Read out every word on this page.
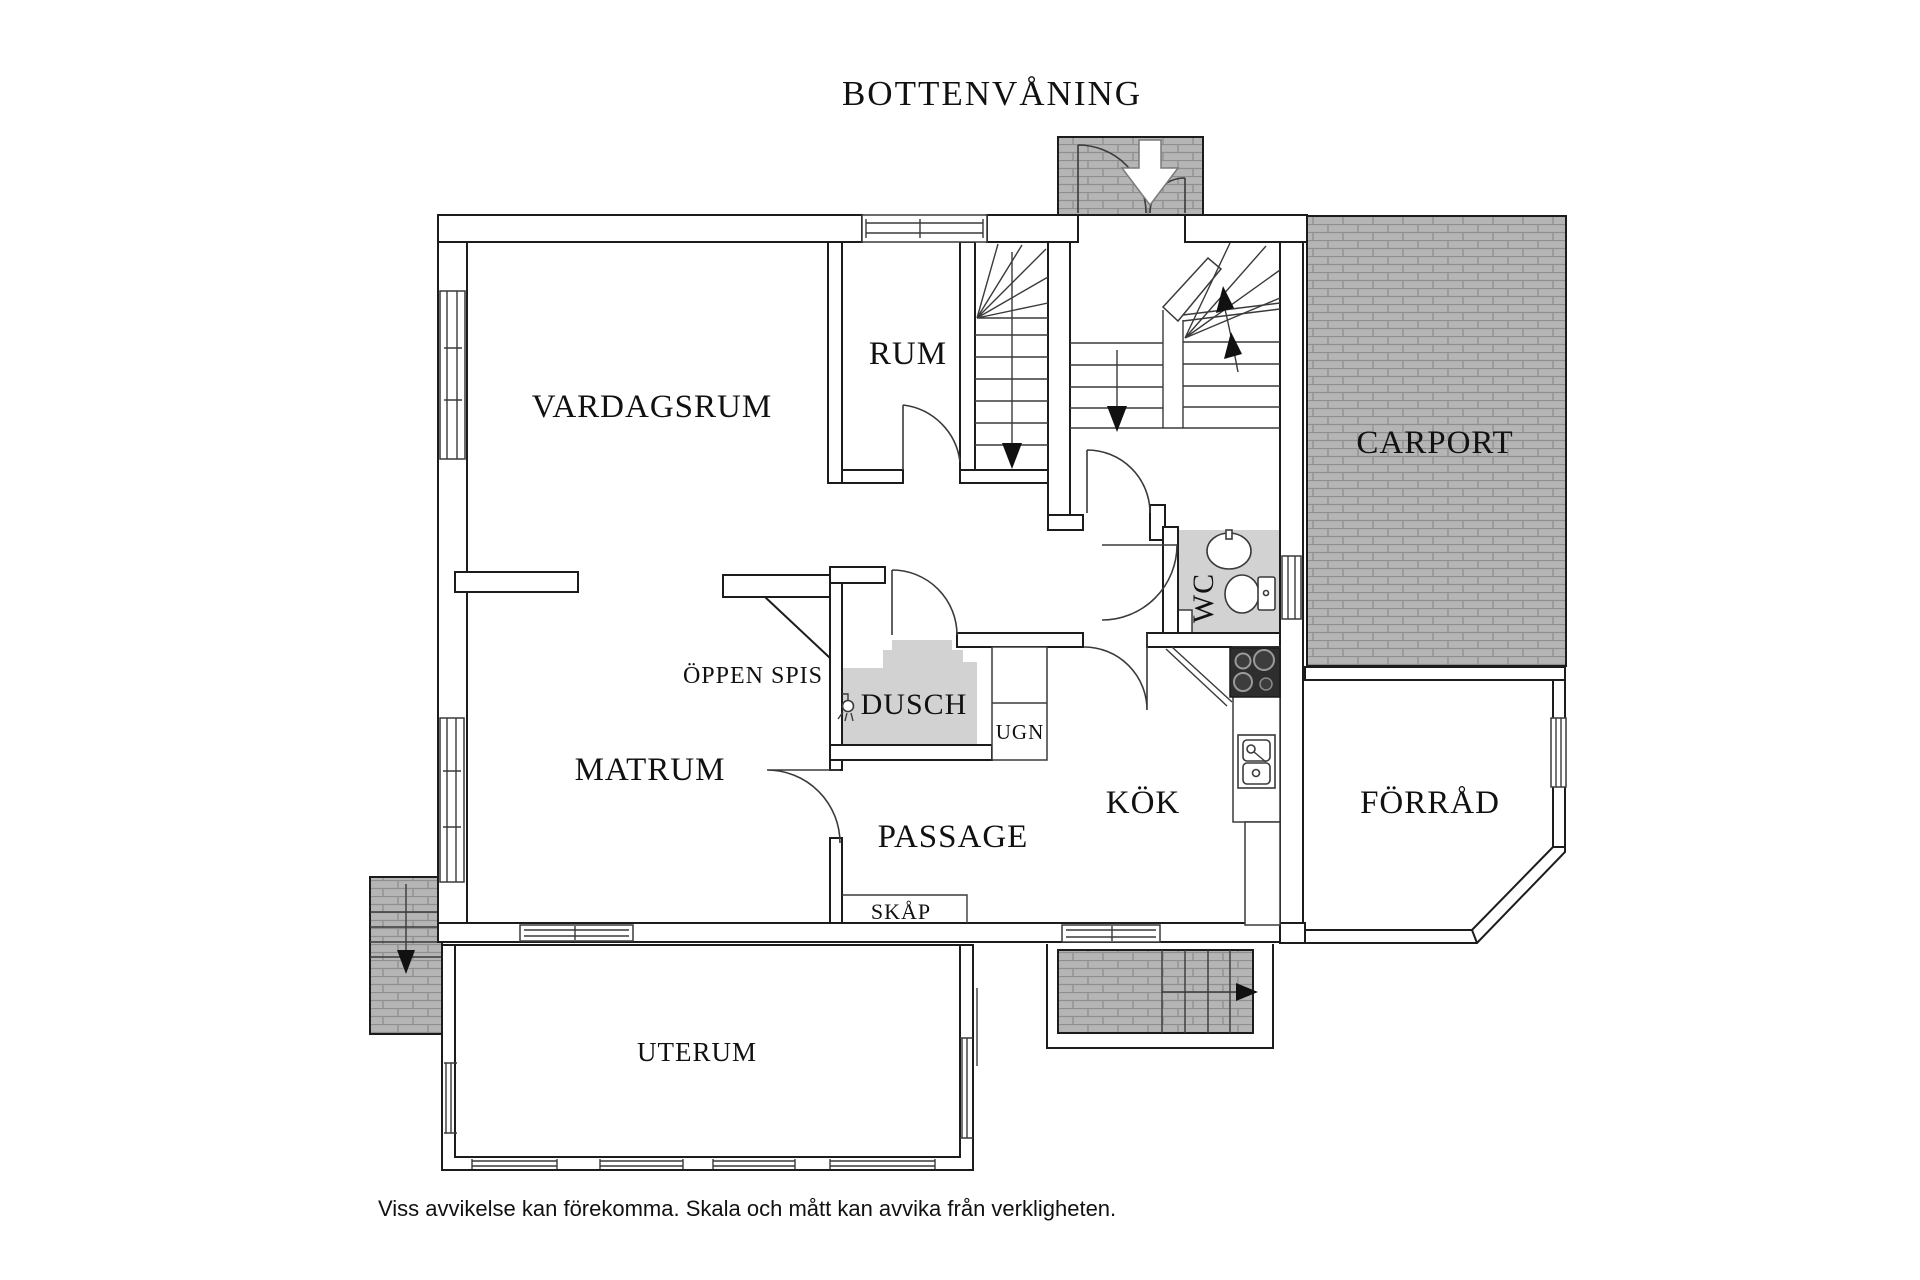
BOTTENVÅNING
VARDAGSRUM
RUM
CARPORT
MATRUM
ÖPPEN SPIS
DUSCH
UGN
WC
KÖK	FÖRRÅD
PASSAGE
SKÅP
UTERUM
Viss avvikelse kan förekomma. Skala och mått kan avvika från verkligheten.
